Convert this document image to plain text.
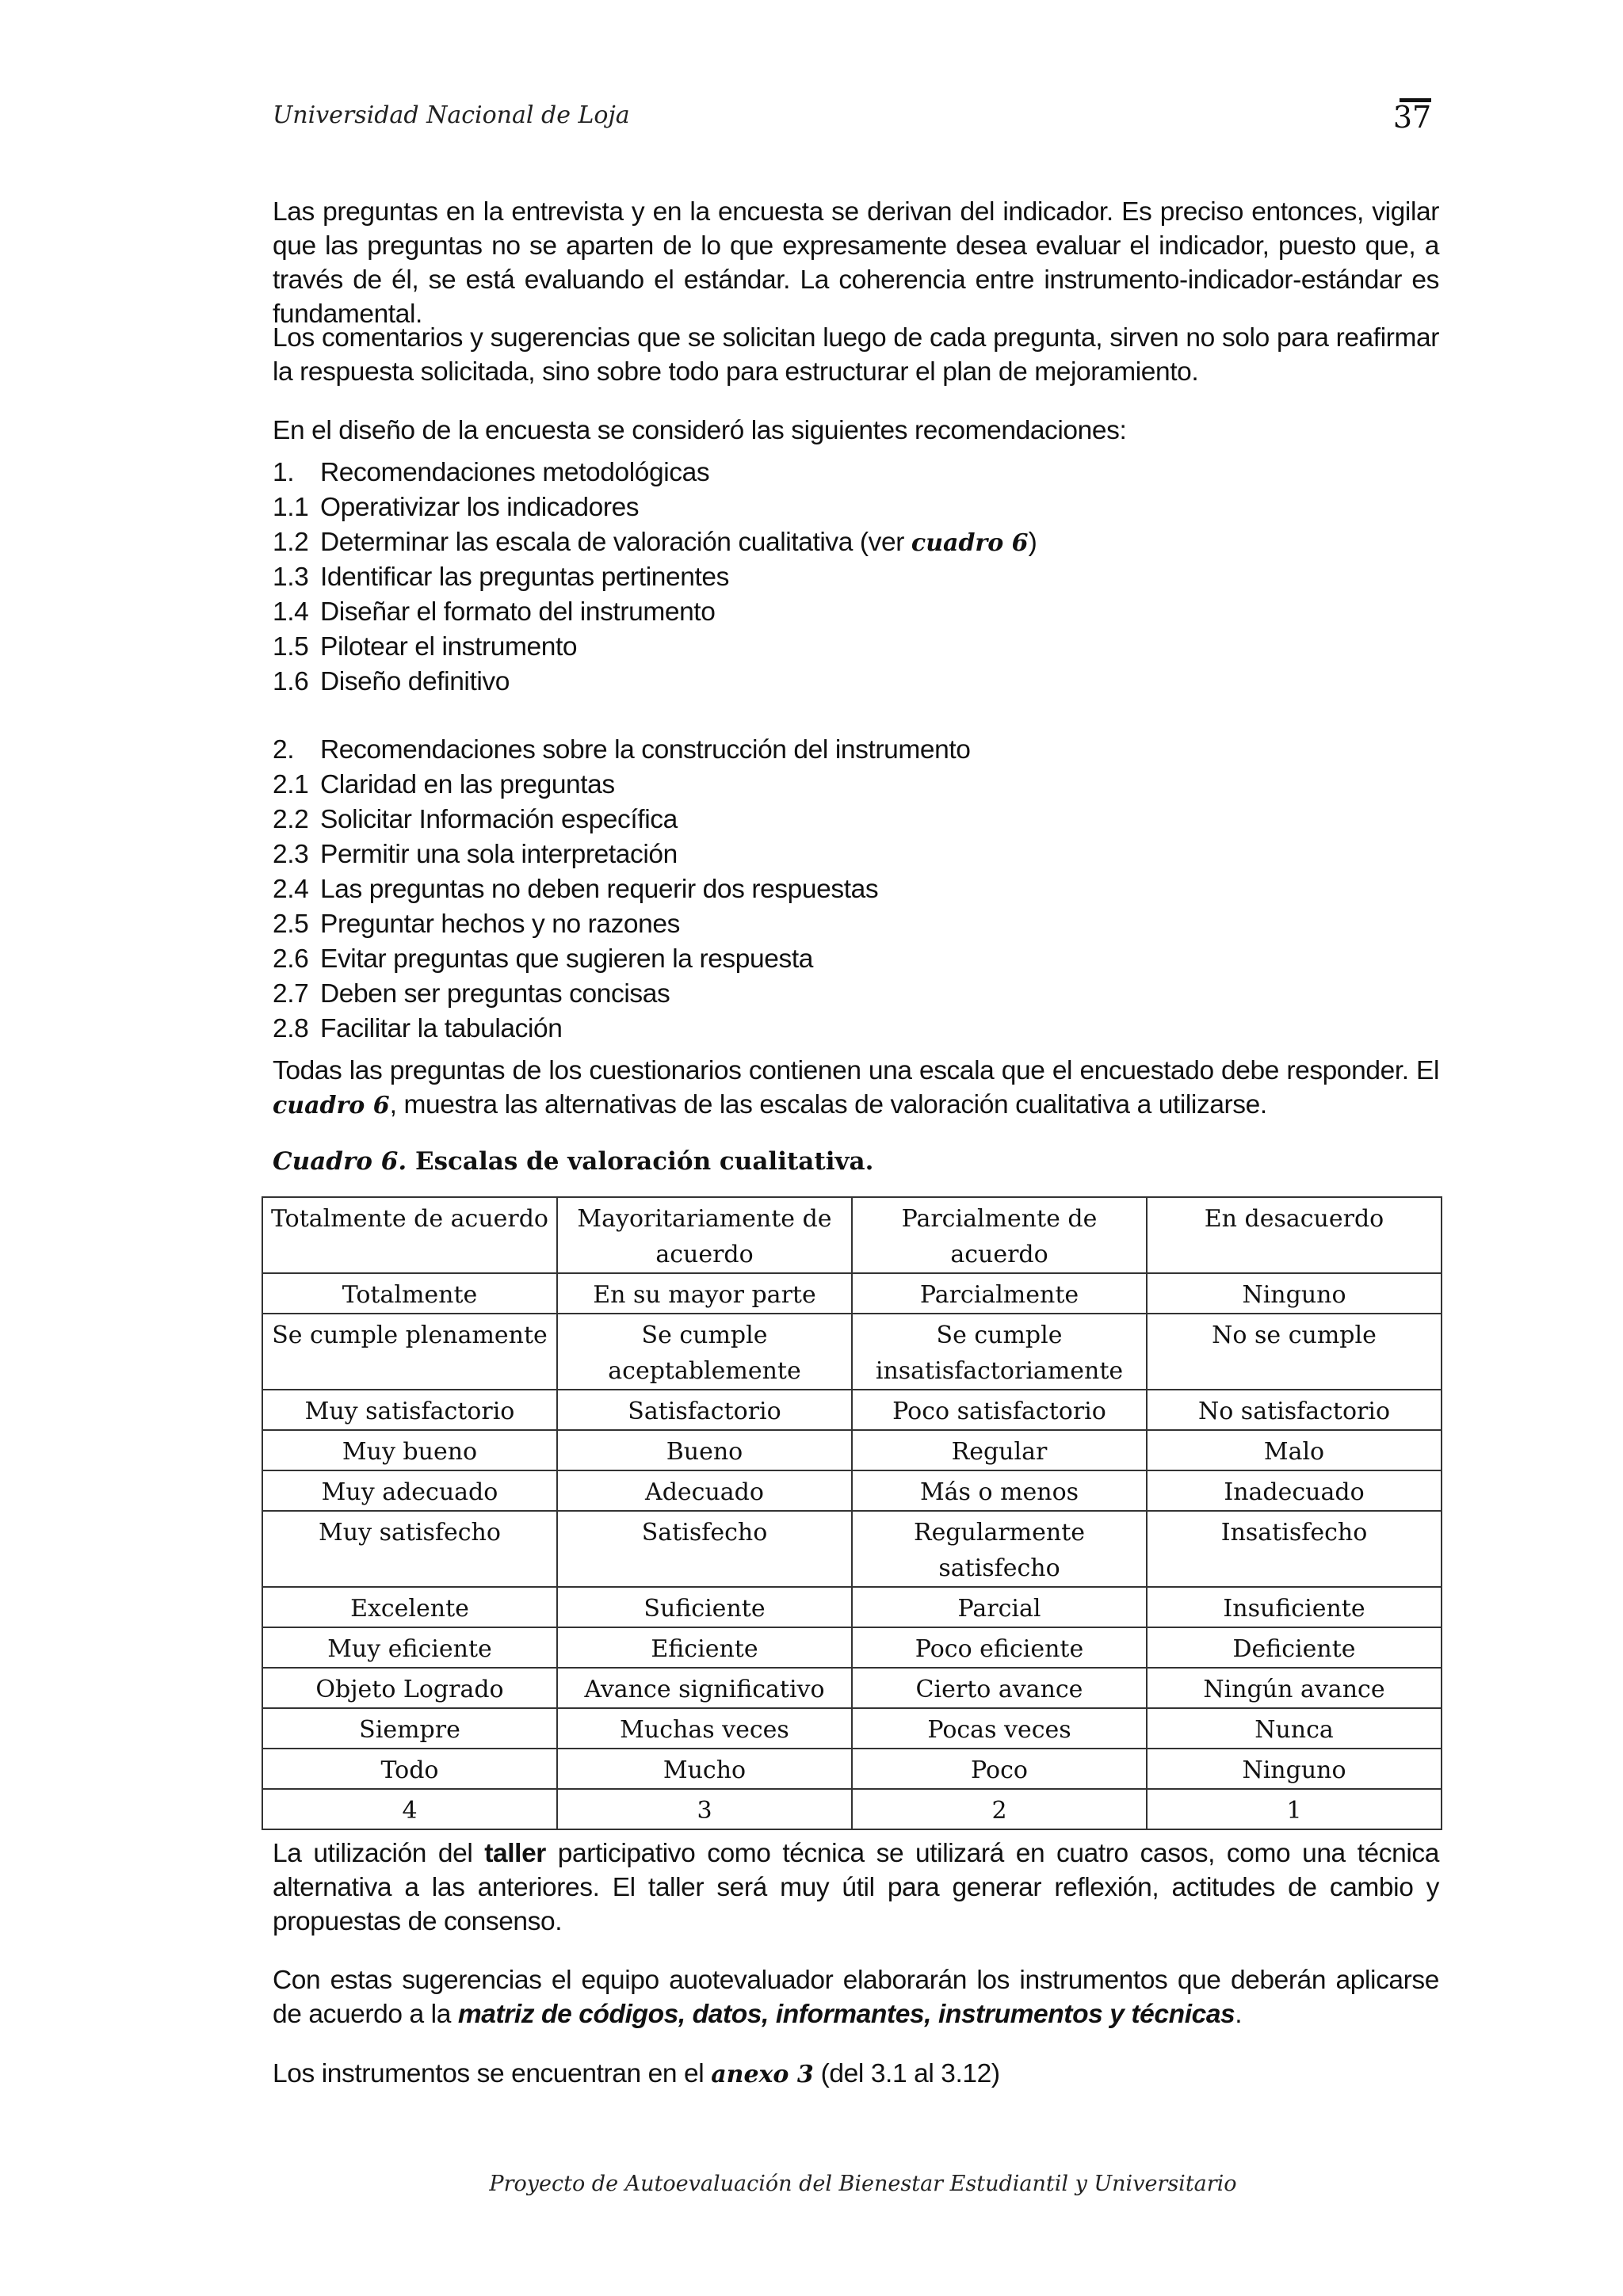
Universidad Nacional de Loja	37

Las preguntas en la entrevista y en la encuesta se derivan del indicador. Es preciso entonces, vigilar que las preguntas no se aparten de lo que expresamente desea evaluar el indicador, puesto que, a través de él, se está evaluando el estándar. La coherencia entre instrumento-indicador-estándar es fundamental.

Los comentarios y sugerencias que se solicitan luego de cada pregunta, sirven no solo para reafirmar la respuesta solicitada, sino sobre todo para estructurar el plan de mejoramiento.

En el diseño de la encuesta se consideró las siguientes recomendaciones:

1. Recomendaciones metodológicas
1.1 Operativizar los indicadores
1.2 Determinar las escala de valoración cualitativa (ver cuadro 6)
1.3 Identificar las preguntas pertinentes
1.4 Diseñar el formato del instrumento
1.5 Pilotear el instrumento
1.6 Diseño definitivo
2. Recomendaciones sobre la construcción del instrumento
2.1 Claridad en las preguntas
2.2 Solicitar Información específica
2.3 Permitir una sola interpretación
2.4 Las preguntas no deben requerir dos respuestas
2.5 Preguntar hechos y no razones
2.6 Evitar preguntas que sugieren la respuesta
2.7 Deben ser preguntas concisas
2.8 Facilitar la tabulación

Todas las preguntas de los cuestionarios contienen una escala que el encuestado debe responder. El cuadro 6, muestra las alternativas de las escalas de valoración cualitativa a utilizarse.

Cuadro 6. Escalas de valoración cualitativa.
Totalmente de acuerdo	Mayoritariamente de acuerdo	Parcialmente de acuerdo	En desacuerdo
Totalmente	En su mayor parte	Parcialmente	Ninguno
Se cumple plenamente	Se cumple aceptablemente	Se cumple insatisfactoriamente	No se cumple
Muy satisfactorio	Satisfactorio	Poco satisfactorio	No satisfactorio
Muy bueno	Bueno	Regular	Malo
Muy adecuado	Adecuado	Más o menos	Inadecuado
Muy satisfecho	Satisfecho	Regularmente satisfecho	Insatisfecho
Excelente	Suficiente	Parcial	Insuficiente
Muy eficiente	Eficiente	Poco eficiente	Deficiente
Objeto Logrado	Avance significativo	Cierto avance	Ningún avance
Siempre	Muchas veces	Pocas veces	Nunca
Todo	Mucho	Poco	Ninguno
4	3	2	1

La utilización del taller participativo como técnica se utilizará en cuatro casos, como una técnica alternativa a las anteriores. El taller será muy útil para generar reflexión, actitudes de cambio y propuestas de consenso.

Con estas sugerencias el equipo auotevaluador elaborarán los instrumentos que deberán aplicarse de acuerdo a la matriz de códigos, datos, informantes, instrumentos y técnicas.

Los instrumentos se encuentran en el anexo 3 (del 3.1 al 3.12)

Proyecto de Autoevaluación del Bienestar Estudiantil y Universitario
